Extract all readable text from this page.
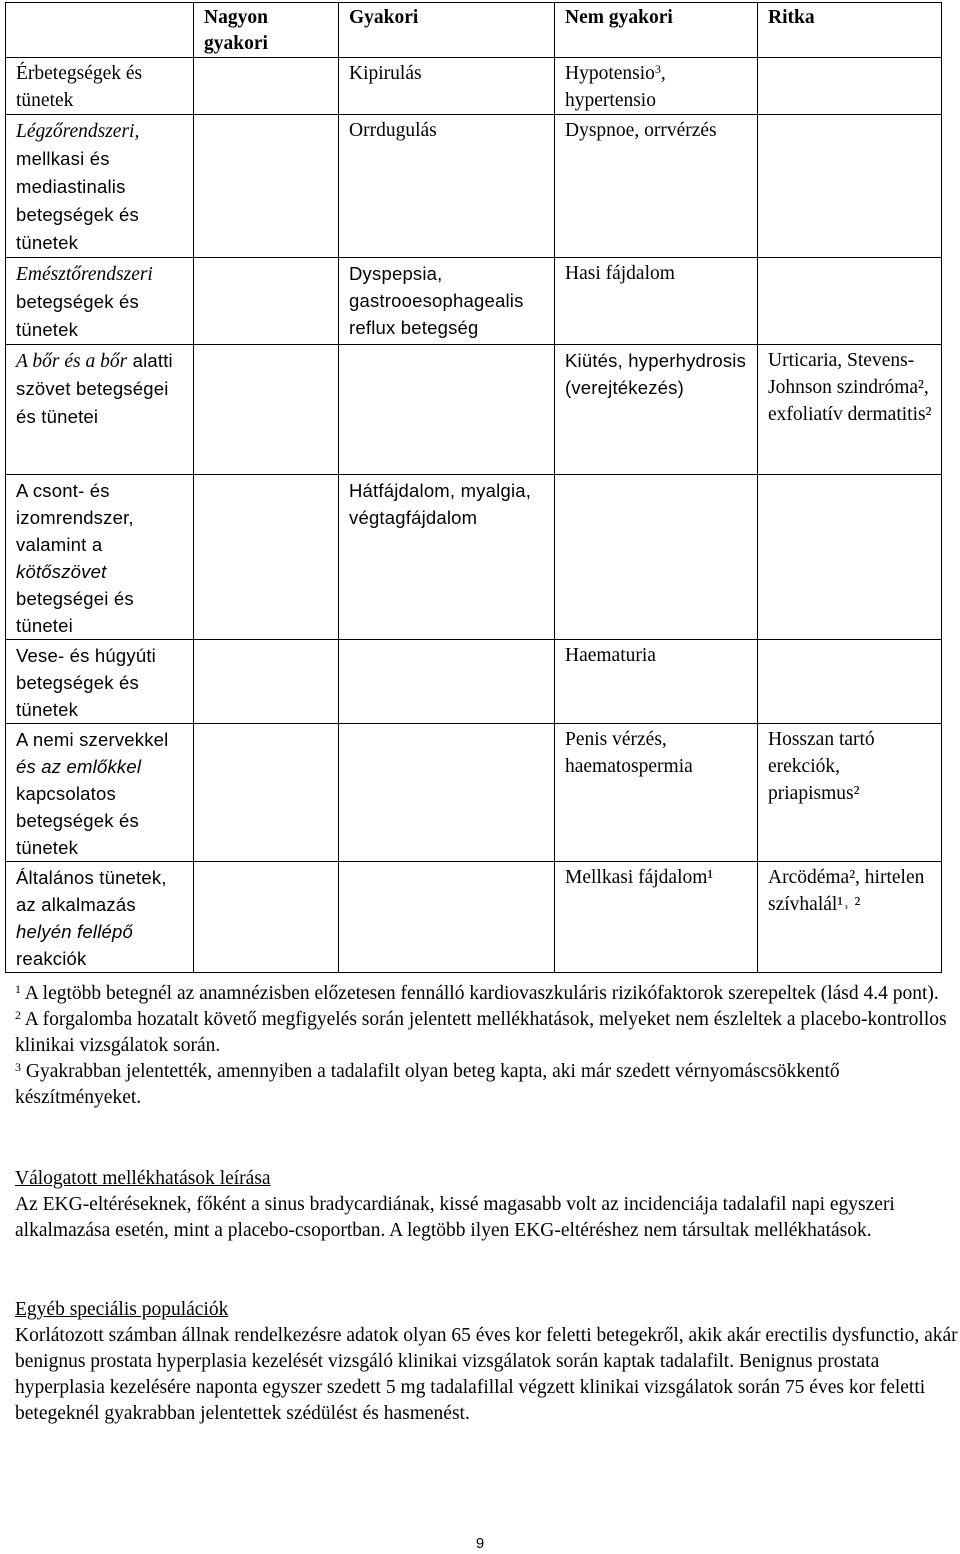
	Nagyon gyakori	Gyakori	Nem gyakori	Ritka
Érbetegségek és tünetek		Kipirulás	Hypotensio$^3$, hypertensio	
Légzőrendszeri, mellkasi és mediastinalis betegségek és tünetek		Orrdugulás	Dyspnoe, orrvérzés	
Emésztőrendszeri betegségek és tünetek		Dyspepsia, gastrooesophagealis reflux betegség	Hasi fájdalom	
A bőr és a bőr alatti szövet betegségei és tünetei			Kiütés, hyperhydrosis (verejtékezés)	Urticaria, Stevens-Johnson szindróma², exfoliatív dermatitis²
A csont- és izomrendszer, valamint a kötőszövet betegségei és tünetei		Hátfájdalom, myalgia, végtagfájdalom		
Vese- és húgyúti betegségek és tünetek			Haematuria	
A nemi szervekkel és az emlőkkel kapcsolatos betegségek és tünetek			Penis vérzés, haematospermia	Hosszan tartó erekciók, priapismus²
Általános tünetek, az alkalmazás helyén fellépő reakciók			Mellkasi fájdalom¹	Arcödéma², hirtelen szívhalál¹˒ ²

$^1$ A legtöbb betegnél az anamnézisben előzetesen fennálló kardiovaszkuláris rizikófaktorok szerepeltek (lásd 4.4 pont).

$^2$ A forgalomba hozatalt követő megfigyelés során jelentett mellékhatások, melyeket nem észleltek a placebo-kontrollos klinikai vizsgálatok során.

$^3$ Gyakrabban jelentették, amennyiben a tadalafilt olyan beteg kapta, aki már szedett vérnyomáscsökkentő készítményeket.

Válogatott mellékhatások leírása

Az EKG-eltéréseknek, főként a sinus bradycardiának, kissé magasabb volt az incidenciája tadalafil napi egyszeri alkalmazása esetén, mint a placebo-csoportban. A legtöbb ilyen EKG-eltéréshez nem társultak mellékhatások.

Egyéb speciális populációk

Korlátozott számban állnak rendelkezésre adatok olyan 65 éves kor feletti betegekről, akik akár erectilis dysfunctio, akár benignus prostata hyperplasia kezelését vizsgáló klinikai vizsgálatok során kaptak tadalafilt. Benignus prostata hyperplasia kezelésére naponta egyszer szedett 5 mg tadalafillal végzett klinikai vizsgálatok során 75 éves kor feletti betegeknél gyakrabban jelentettek szédülést és hasmenést.

9
